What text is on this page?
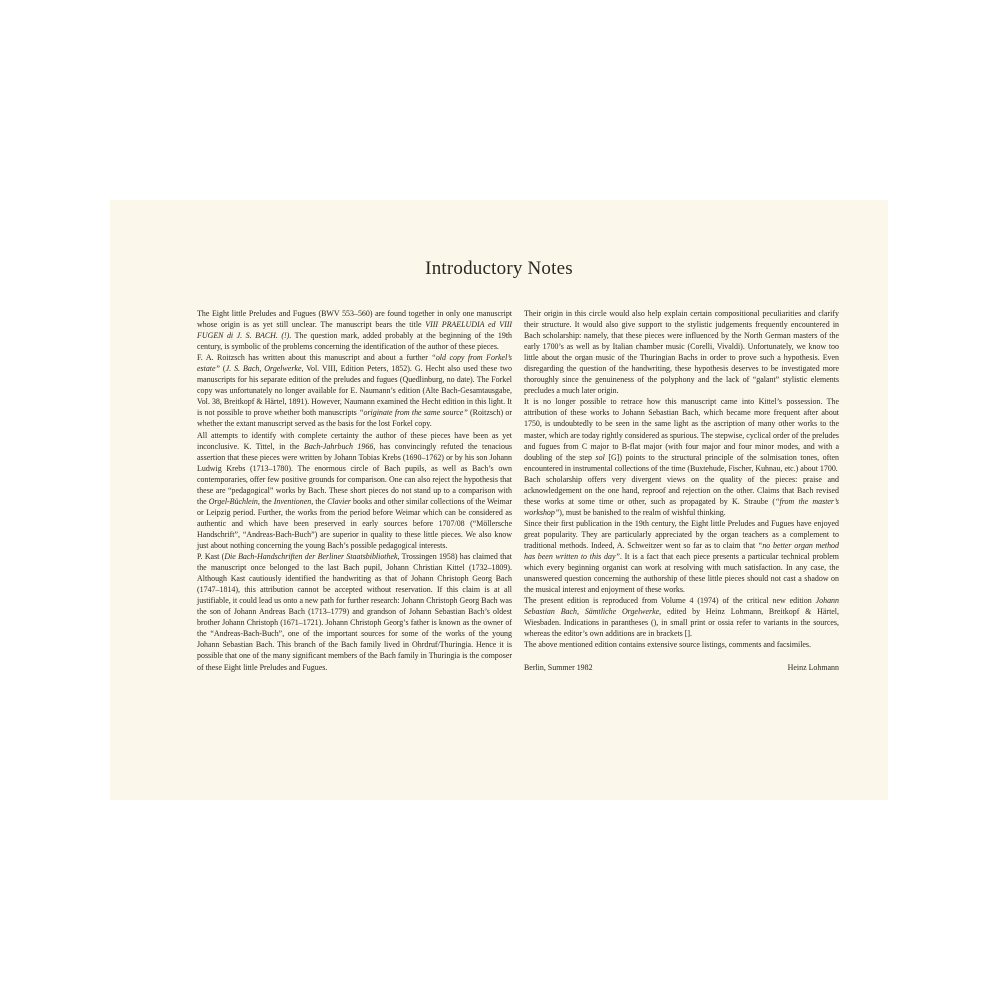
Introductory Notes

The Eight little Preludes and Fugues (BWV 553–560) are found together in only one manuscript whose origin is as yet still unclear. The manuscript bears the title VIII PRAELUDIA ed VIII FUGEN di J. S. BACH. (!). The question mark, added probably at the beginning of the 19th century, is symbolic of the problems concerning the identification of the author of these pieces.

F. A. Roitzsch has written about this manuscript and about a further “old copy from Forkel’s estate” (J. S. Bach, Orgelwerke, Vol. VIII, Edition Peters, 1852). G. Hecht also used these two manuscripts for his separate edition of the preludes and fugues (Quedlinburg, no date). The Forkel copy was unfortunately no longer available for E. Naumann’s edition (Alte Bach-Gesamtausgabe, Vol. 38, Breitkopf & Härtel, 1891). However, Naumann examined the Hecht edition in this light. It is not possible to prove whether both manuscripts “originate from the same source” (Roitzsch) or whether the extant manuscript served as the basis for the lost Forkel copy.

All attempts to identify with complete certainty the author of these pieces have been as yet inconclusive. K. Tittel, in the Bach-Jahrbuch 1966, has convincingly refuted the tenacious assertion that these pieces were written by Johann Tobias Krebs (1690–1762) or by his son Johann Ludwig Krebs (1713–1780). The enormous circle of Bach pupils, as well as Bach’s own contemporaries, offer few positive grounds for comparison. One can also reject the hypothesis that these are “pedagogical” works by Bach. These short pieces do not stand up to a comparison with the Orgel-Büchlein, the Inventionen, the Clavier books and other similar collections of the Weimar or Leipzig period. Further, the works from the period before Weimar which can be considered as authentic and which have been preserved in early sources before 1707/08 (“Möllersche Handschrift”, “Andreas-Bach-Buch”) are superior in quality to these little pieces. We also know just about nothing concerning the young Bach’s possible pedagogical interests.

P. Kast (Die Bach-Handschriften der Berliner Staatsbibliothek, Trossingen 1958) has claimed that the manuscript once belonged to the last Bach pupil, Johann Christian Kittel (1732–1809). Although Kast cautiously identified the handwriting as that of Johann Christoph Georg Bach (1747–1814), this attribution cannot be accepted without reservation. If this claim is at all justifiable, it could lead us onto a new path for further research: Johann Christoph Georg Bach was the son of Johann Andreas Bach (1713–1779) and grandson of Johann Sebastian Bach’s oldest brother Johann Christoph (1671–1721). Johann Christoph Georg’s father is known as the owner of the “Andreas-Bach-Buch”, one of the important sources for some of the works of the young Johann Sebastian Bach. This branch of the Bach family lived in Ohrdruf/Thuringia. Hence it is possible that one of the many significant members of the Bach family in Thuringia is the composer of these Eight little Preludes and Fugues.

Their origin in this circle would also help explain certain compositional peculiarities and clarify their structure. It would also give support to the stylistic judgements frequently encountered in Bach scholarship: namely, that these pieces were influenced by the North German masters of the early 1700’s as well as by Italian chamber music (Corelli, Vivaldi). Unfortunately, we know too little about the organ music of the Thuringian Bachs in order to prove such a hypothesis. Even disregarding the question of the handwriting, these hypothesis deserves to be investigated more thoroughly since the genuineness of the polyphony and the lack of “galant” stylistic elements precludes a much later origin.

It is no longer possible to retrace how this manuscript came into Kittel’s possession. The attribution of these works to Johann Sebastian Bach, which became more frequent after about 1750, is undoubtedly to be seen in the same light as the ascription of many other works to the master, which are today rightly considered as spurious. The stepwise, cyclical order of the preludes and fugues from C major to B-flat major (with four major and four minor modes, and with a doubling of the step sol [G]) points to the structural principle of the solmisation tones, often encountered in instrumental collections of the time (Buxtehude, Fischer, Kuhnau, etc.) about 1700.

Bach scholarship offers very divergent views on the quality of the pieces: praise and acknowledgement on the one hand, reproof and rejection on the other. Claims that Bach revised these works at some time or other, such as propagated by K. Straube (“from the master’s workshop”), must be banished to the realm of wishful thinking.

Since their first publication in the 19th century, the Eight little Preludes and Fugues have enjoyed great popularity. They are particularly appreciated by the organ teachers as a complement to traditional methods. Indeed, A. Schweitzer went so far as to claim that “no better organ method has been written to this day”. It is a fact that each piece presents a particular technical problem which every beginning organist can work at resolving with much satisfaction. In any case, the unanswered question concerning the authorship of these little pieces should not cast a shadow on the musical interest and enjoyment of these works.

The present edition is reproduced from Volume 4 (1974) of the critical new edition Johann Sebastian Bach, Sämtliche Orgelwerke, edited by Heinz Lohmann, Breitkopf & Härtel, Wiesbaden. Indications in parantheses (), in small print or ossia refer to variants in the sources, whereas the editor’s own additions are in brackets [].

The above mentioned edition contains extensive source listings, comments and facsimiles.

Berlin, Summer 1982	Heinz Lohmann
